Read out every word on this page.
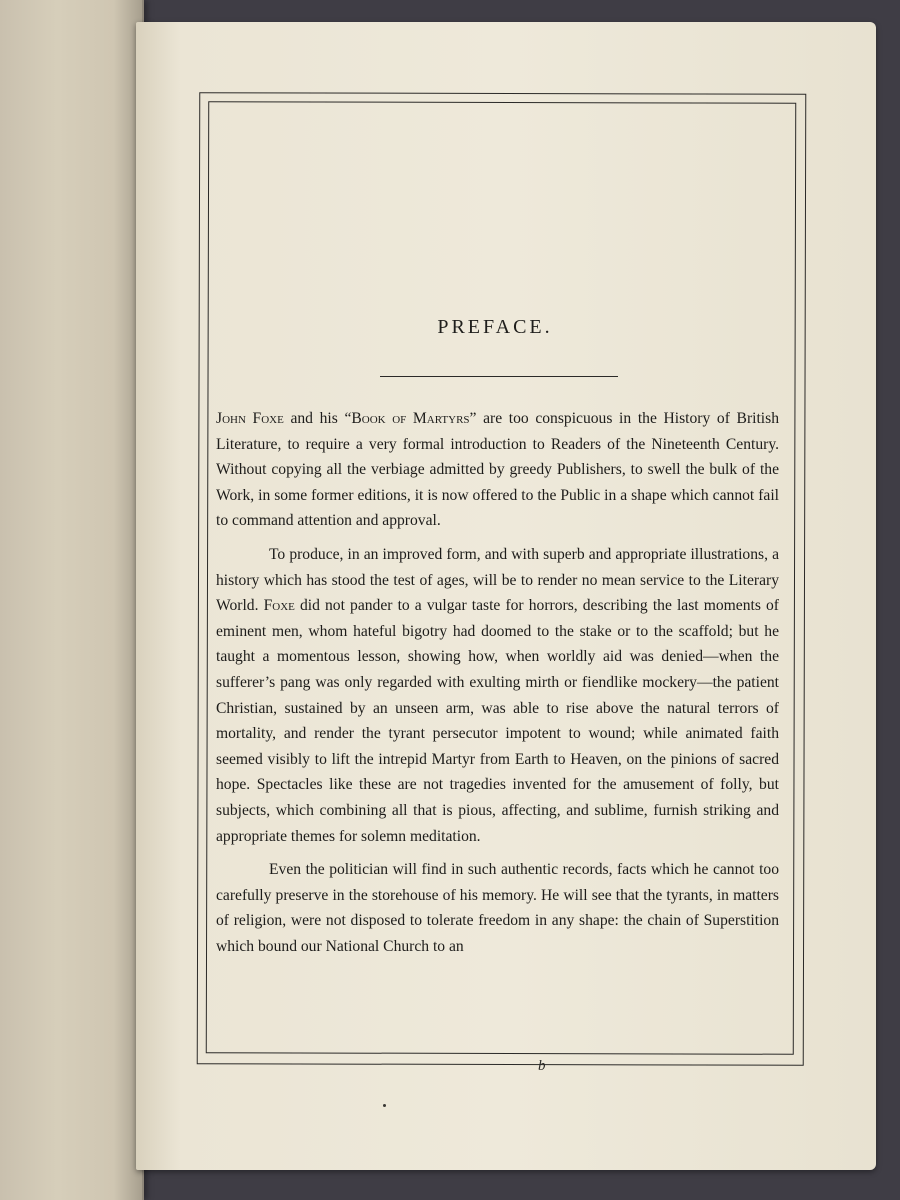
PREFACE.

John Foxe and his “Book of Martyrs” are too conspicuous in the History of British Literature, to require a very formal introduction to Readers of the Nineteenth Century. Without copying all the verbiage admitted by greedy Publishers, to swell the bulk of the Work, in some former editions, it is now offered to the Public in a shape which cannot fail to command attention and approval.

To produce, in an improved form, and with superb and appropriate illustrations, a history which has stood the test of ages, will be to render no mean service to the Literary World. Foxe did not pander to a vulgar taste for horrors, describing the last moments of eminent men, whom hateful bigotry had doomed to the stake or to the scaffold; but he taught a momentous lesson, showing how, when worldly aid was denied—when the sufferer’s pang was only regarded with exulting mirth or fiendlike mockery—the patient Christian, sustained by an unseen arm, was able to rise above the natural terrors of mortality, and render the tyrant persecutor impotent to wound; while animated faith seemed visibly to lift the intrepid Martyr from Earth to Heaven, on the pinions of sacred hope. Spectacles like these are not tragedies invented for the amusement of folly, but subjects, which combining all that is pious, affecting, and sublime, furnish striking and appropriate themes for solemn meditation.

Even the politician will find in such authentic records, facts which he cannot too carefully preserve in the storehouse of his memory. He will see that the tyrants, in matters of religion, were not disposed to tolerate freedom in any shape: the chain of Superstition which bound our National Church to an

b
